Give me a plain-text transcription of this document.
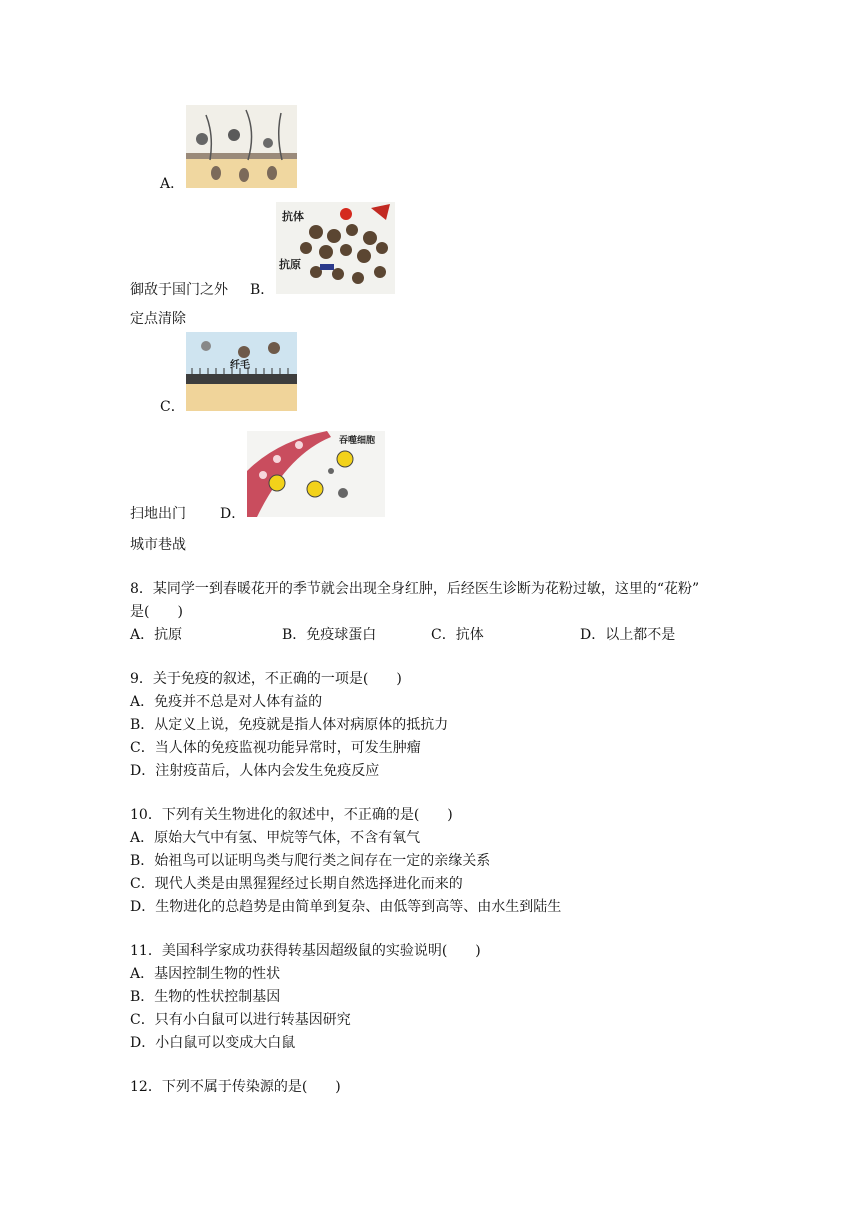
A．
御敌于国门之外 B．
抗体
抗原
定点清除
C．
纤毛
扫地出门 D．
吞噬细胞
城市巷战
8．某同学一到春暖花开的季节就会出现全身红肿，后经医生诊断为花粉过敏，这里的“花粉”
是(　　)
A．抗原	B．免疫球蛋白	C．抗体	D．以上都不是
9．关于免疫的叙述，不正确的一项是(　　)
A．免疫并不总是对人体有益的
B．从定义上说，免疫就是指人体对病原体的抵抗力
C．当人体的免疫监视功能异常时，可发生肿瘤
D．注射疫苗后，人体内会发生免疫反应
10．下列有关生物进化的叙述中，不正确的是(　　)
A．原始大气中有氢、甲烷等气体，不含有氧气
B．始祖鸟可以证明鸟类与爬行类之间存在一定的亲缘关系
C．现代人类是由黑猩猩经过长期自然选择进化而来的
D．生物进化的总趋势是由简单到复杂、由低等到高等、由水生到陆生
11．美国科学家成功获得转基因超级鼠的实验说明(　　)
A．基因控制生物的性状
B．生物的性状控制基因
C．只有小白鼠可以进行转基因研究
D．小白鼠可以变成大白鼠
12．下列不属于传染源的是(　　)
